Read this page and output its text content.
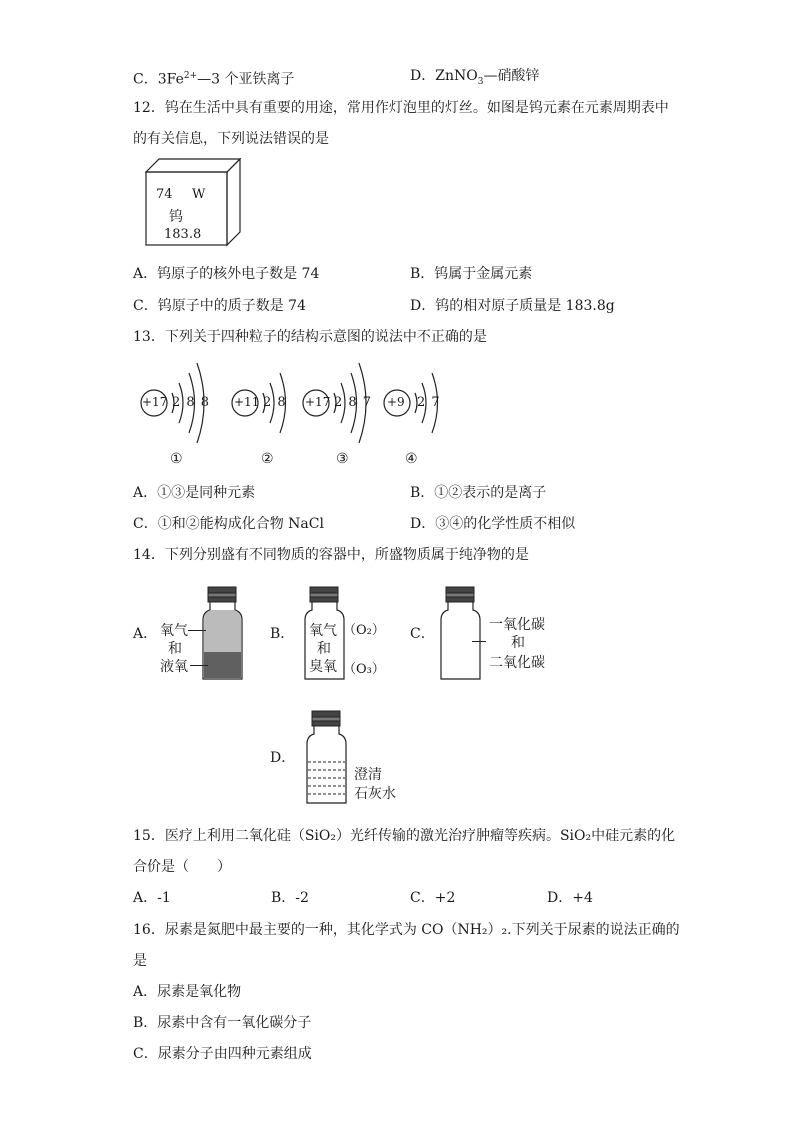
C．$3Fe^{2+}—3$ 个亚铁离子	D．ZnNO$_3$—硝酸锌
12．钨在生活中具有重要的用途，常用作灯泡里的灯丝。如图是钨元素在元素周期表中
的有关信息，下列说法错误的是
74 W
钨
183.8
A．钨原子的核外电子数是 74	B．钨属于金属元素
C．钨原子中的质子数是 74	D．钨的相对原子质量是 183.8g
13．下列关于四种粒子的结构示意图的说法中不正确的是
+17 2 8 8 +11 2 8 +17 2 8 7 +9 2 7
①	②	③	④
A．①③是同种元素	B．①②表示的是离子
C．①和②能构成化合物 NaCl	D．③④的化学性质不相似
14．下列分别盛有不同物质的容器中，所盛物质属于纯净物的是
A． 氧气
和
液氧
B． 氧气
和
臭氧
（O₂）
（O₃）
C．
一氧化碳
和
二氧化碳
D．
澄清
石灰水
15．医疗上利用二氧化硅（SiO₂）光纤传输的激光治疗肿瘤等疾病。SiO₂中硅元素的化
合价是（　　）
A．-1	B．-2	C．+2	D．+4
16．尿素是氮肥中最主要的一种，其化学式为 CO（NH₂）₂.下列关于尿素的说法正确的
是
A．尿素是氧化物
B．尿素中含有一氧化碳分子
C．尿素分子由四种元素组成
